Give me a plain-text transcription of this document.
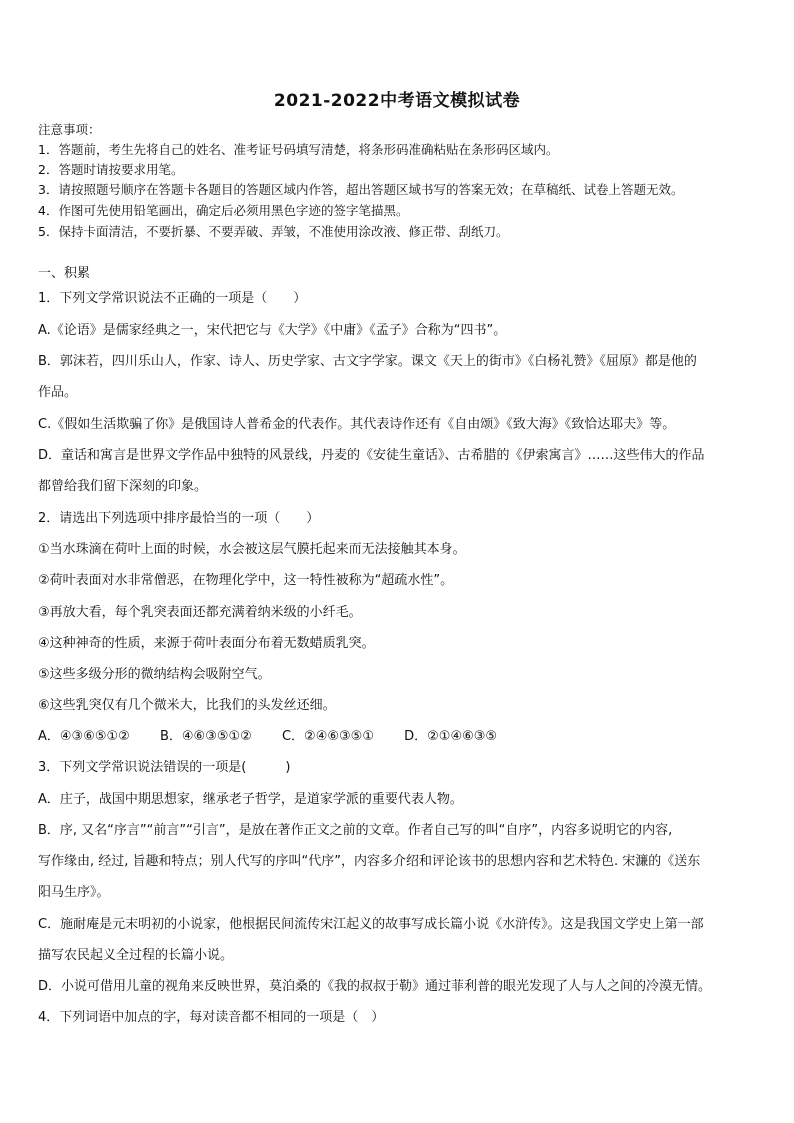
2021-2022中考语文模拟试卷
注意事项：
1．答题前，考生先将自己的姓名、准考证号码填写清楚，将条形码准确粘贴在条形码区域内。
2．答题时请按要求用笔。
3．请按照题号顺序在答题卡各题目的答题区域内作答，超出答题区域书写的答案无效；在草稿纸、试卷上答题无效。
4．作图可先使用铅笔画出，确定后必须用黑色字迹的签字笔描黑。
5．保持卡面清洁，不要折暴、不要弄破、弄皱，不准使用涂改液、修正带、刮纸刀。
一、积累
1．下列文学常识说法不正确的一项是（　　）
A.《论语》是儒家经典之一，宋代把它与《大学》《中庸》《孟子》合称为“四书”。
B．郭沫若，四川乐山人，作家、诗人、历史学家、古文字学家。课文《天上的街市》《白杨礼赞》《屈原》都是他的
作品。
C.《假如生活欺骗了你》是俄国诗人普希金的代表作。其代表诗作还有《自由颂》《致大海》《致恰达耶夫》等。
D．童话和寓言是世界文学作品中独特的风景线，丹麦的《安徒生童话》、古希腊的《伊索寓言》……这些伟大的作品
都曾给我们留下深刻的印象。
2．请选出下列选项中排序最恰当的一项（　　）
①当水珠滴在荷叶上面的时候，水会被这层气膜托起来而无法接触其本身。
②荷叶表面对水非常僧恶，在物理化学中，这一特性被称为“超疏水性”。
③再放大看，每个乳突表面还都充满着纳米级的小纤毛。
④这种神奇的性质，来源于荷叶表面分布着无数蜡质乳突。
⑤这些多级分形的微纳结构会吸附空气。
⑥这些乳突仅有几个微米大，比我们的头发丝还细。
A．④③⑥⑤①② B．④⑥③⑤①② C．②④⑥③⑤① D．②①④⑥③⑤
3．下列文学常识说法错误的一项是(　　　)
A．庄子，战国中期思想家，继承老子哲学，是道家学派的重要代表人物。
B．序, 又名“序言”“前言”“引言”，是放在著作正文之前的文章。作者自己写的叫“自序”，内容多说明它的内容,
写作缘由, 经过, 旨趣和特点；别人代写的序叫“代序”，内容多介绍和评论该书的思想内容和艺术特色. 宋濂的《送东
阳马生序》。
C．施耐庵是元末明初的小说家，他根据民间流传宋江起义的故事写成长篇小说《水浒传》。这是我国文学史上第一部
描写农民起义全过程的长篇小说。
D．小说可借用儿童的视角来反映世界，莫泊桑的《我的叔叔于勒》通过菲利普的眼光发现了人与人之间的冷漠无情。
4．下列词语中加点的字，每对读音都不相同的一项是（　）
